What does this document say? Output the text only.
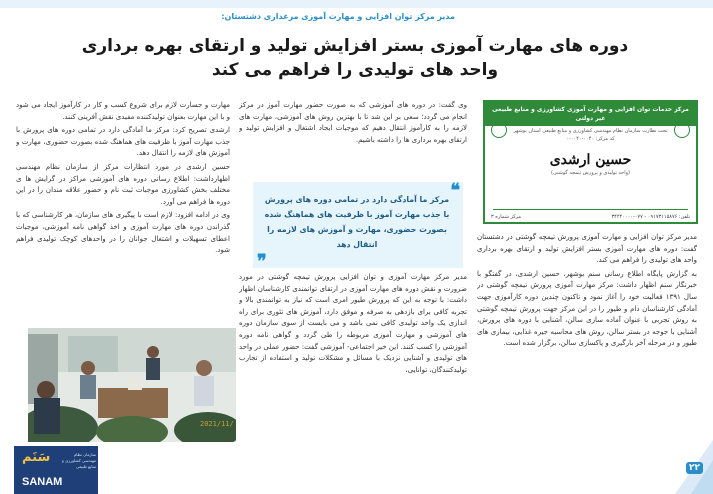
مدیر مرکز توان افزایی و مهارت آموزی مرغداری دشتستان:
دوره های مهارت آموزی بستر افزایش تولید و ارتقای بهره برداری
واحد های تولیدی را فراهم می کند

مدیر مرکز توان افزایی و مهارت آموزی پرورش تیمچه گوشتی در دشتستان گفت: دوره های مهارت آموزی بستر افزایش تولید و ارتقای بهره برداری واحد های تولیدی را فراهم می کند.

به گزارش پایگاه اطلاع رسانی سنم بوشهر، حسین ارشدی، در گفتگو با خبرنگار سنم اظهار داشت: مرکز مهارت آموزی پرورش تیمچه گوشتی در سال ۱۳۹۱ فعالیت خود را آغاز نمود و تاکنون چندین دوره کارآموزی جهت آمادگی کارشناسان دام و طیور را در این مرکز جهت پرورش تیمچه گوشتی به روش تجربی با عنوان آماده سازی سالن، آشنایی با دوره های پرورش، آشنایی با جوجه در بستر سالن، روش های محاسبه جیره غذایی، بیماری های طیور و در مرحله آخر بارگیری و پاکسازی سالن، برگزار شده است.

وی گفت: در دوره های آموزشی که به صورت حضور مهارت آموز در مرکز انجام می گردد؛ سعی بر این شد تا با بهترین روش های آموزشی، مهارت های لازمه را به کارآموز انتقال دهیم که موجبات ایجاد اشتغال و افزایش تولید و ارتقای بهره برداری ها را داشته باشیم.

❝
مرکز ما آمادگی دارد در تمامی دوره های پرورش با جذب مهارت آموز با ظرفیت های هماهنگ شده بصورت حضوری، مهارت و آموزش های لازمه را انتقال دهد
❞

مدیر مرکز مهارت آموزی و توان افزایی پرورش تیمچه گوشتی در مورد ضرورت و نقش دوره های مهارت آموزی در ارتقای توانمندی کارشناسان اظهار داشت: با توجه به این که پرورش طیور امری است که نیاز به توانمندی بالا و تجربه کافی برای بازدهی به صرفه و موفق دارد، آموزش های تئوری برای راه اندازی یک واحد تولیدی کافی نمی باشد و می بایست از سوی سازمان دوره های آموزشی و مهارت آموزی مربوطه را طی گردد و گواهی نامه دوره آموزشی را کسب کنند. این خیر اجتماعی- آموزشی گفت: حضور عملی در واحد های تولیدی و آشنایی نزدیک با مسائل و مشکلات تولید و استفاده از تجارب تولیدکنندگان، توانایی،

مرکز خدمات توان افزایی و مهارت آموزی کشاورزی و منابع طبیعی غیر دولتی
تحت نظارت سازمان نظام مهندسی کشاورزی و منابع طبیعی استان بوشهر
کد مرکز: ۰۰۴۰-۰۰۴۰-۰
حسین ارشدی
(واحد تولیدی و پرورش تیمچه گوشتی)
تلفن: ۰۹۱۷۳۱۱۵۸۷۶ - ۰۷۷-۳۴۴۴۰۰۰۰
مرکز شماره ۳

مهارت و جسارت لازم برای شروع کسب و کار در کارآموز ایجاد می شود و با این مهارت بعنوان تولیدکننده مفیدی نقش آفرینی کنند.

ارشدی تصریح کرد: مرکز ما آمادگی دارد در تمامی دوره های پرورش با جذب مهارت آموز با ظرفیت های هماهنگ شده بصورت حضوری، مهارت و آموزش های لازمه را انتقال دهد.

حسین ارشدی در مورد انتظارات مرکز از سازمان نظام مهندسی اظهارداشت: اطلاع رسانی دوره های آموزشی مراکز در گرایش ها ی مختلف بخش کشاورزی موجبات ثبت نام و حضور علاقه مندان را در این دوره ها فراهم می آورد.

وی در ادامه افزود: لازم است با پیگیری های سازمان، هر کارشناسی که با گذراندن دوره های مهارت آموزی و اخذ گواهی نامه آموزشی، موجبات اعطای تسهیلات و اشتغال جوانان را در واحدهای کوچک تولیدی فراهم شود.

2021/11/
سَنَم	سازمان نظام مهندسی کشاورزی و منابع طبیعی
SANAM
۲۲
